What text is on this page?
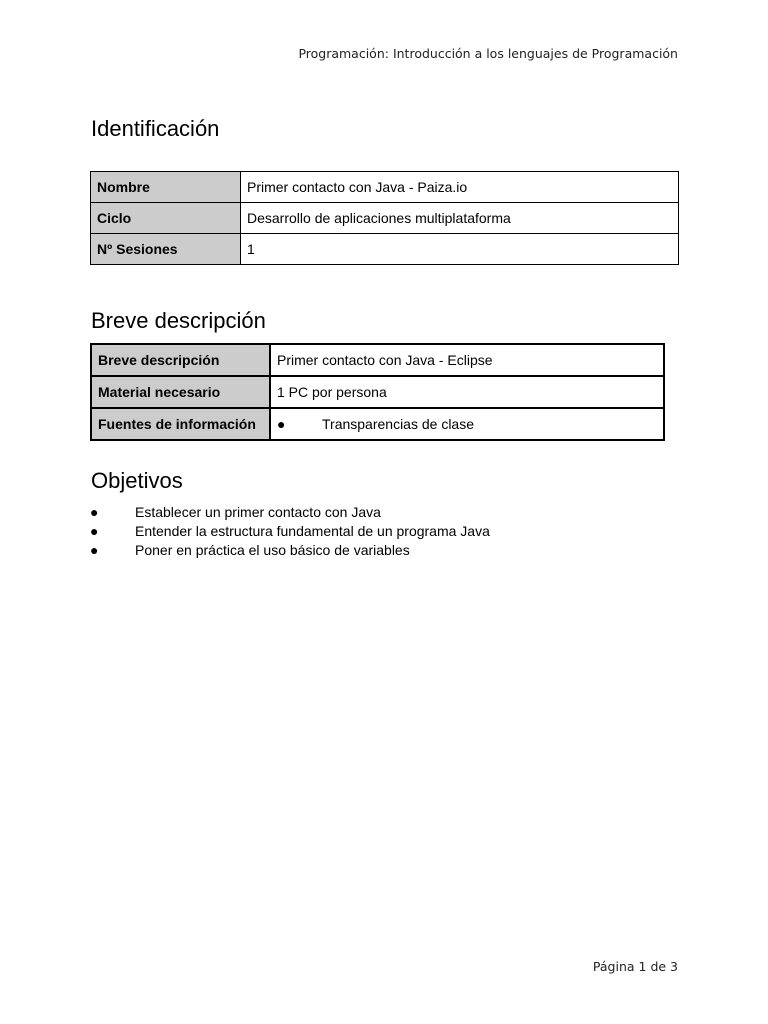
Programación: Introducción a los lenguajes de Programación
Identificación
Nombre	Primer contacto con Java - Paiza.io
Ciclo	Desarrollo de aplicaciones multiplataforma
Nº Sesiones	1
Breve descripción
Breve descripción	Primer contacto con Java - Eclipse
Material necesario	1 PC por persona
Fuentes de información	● Transparencias de clase
Objetivos
●	Establecer un primer contacto con Java
●	Entender la estructura fundamental de un programa Java
●	Poner en práctica el uso básico de variables
Página 1 de 3
